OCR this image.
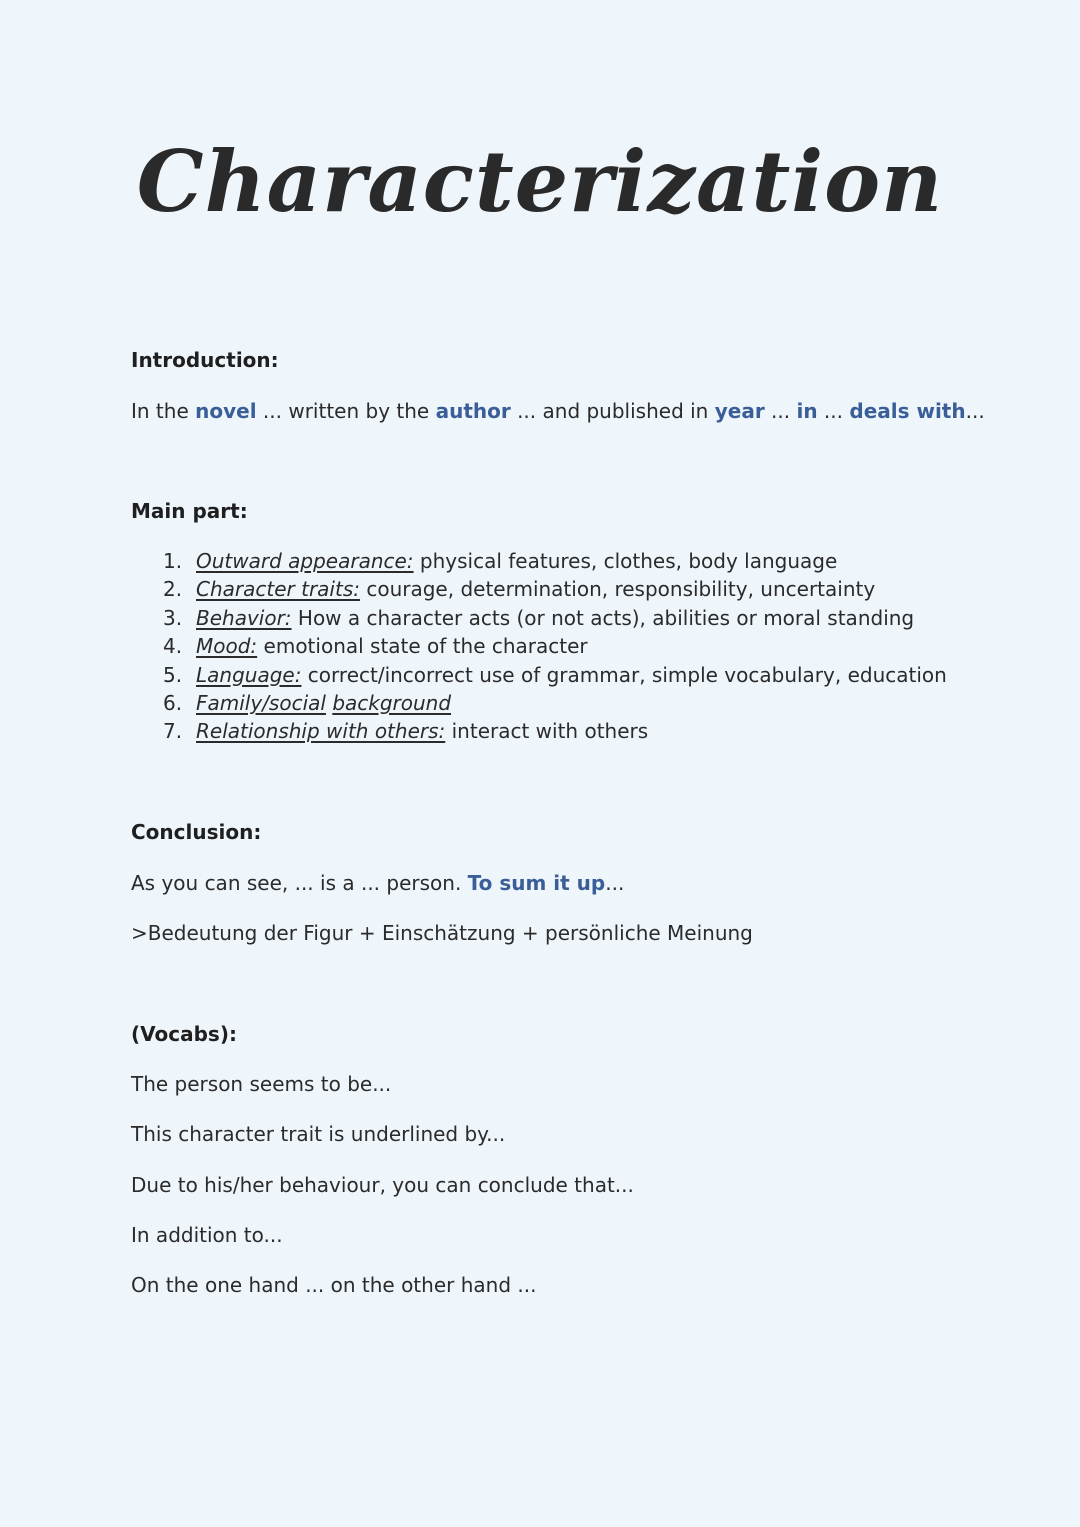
Characterization
Introduction:
In the novel ... written by the author ... and published in year ... in ... deals with...
Main part:
1. Outward appearance: physical features, clothes, body language
2. Character traits: courage, determination, responsibility, uncertainty
3. Behavior: How a character acts (or not acts), abilities or moral standing
4. Mood: emotional state of the character
5. Language: correct/incorrect use of grammar, simple vocabulary, education
6. Family/social background
7. Relationship with others: interact with others
Conclusion:
As you can see, ... is a ... person. To sum it up...
>Bedeutung der Figur + Einschätzung + persönliche Meinung
(Vocabs):
The person seems to be...
This character trait is underlined by...
Due to his/her behaviour, you can conclude that...
In addition to...
On the one hand ... on the other hand ...
